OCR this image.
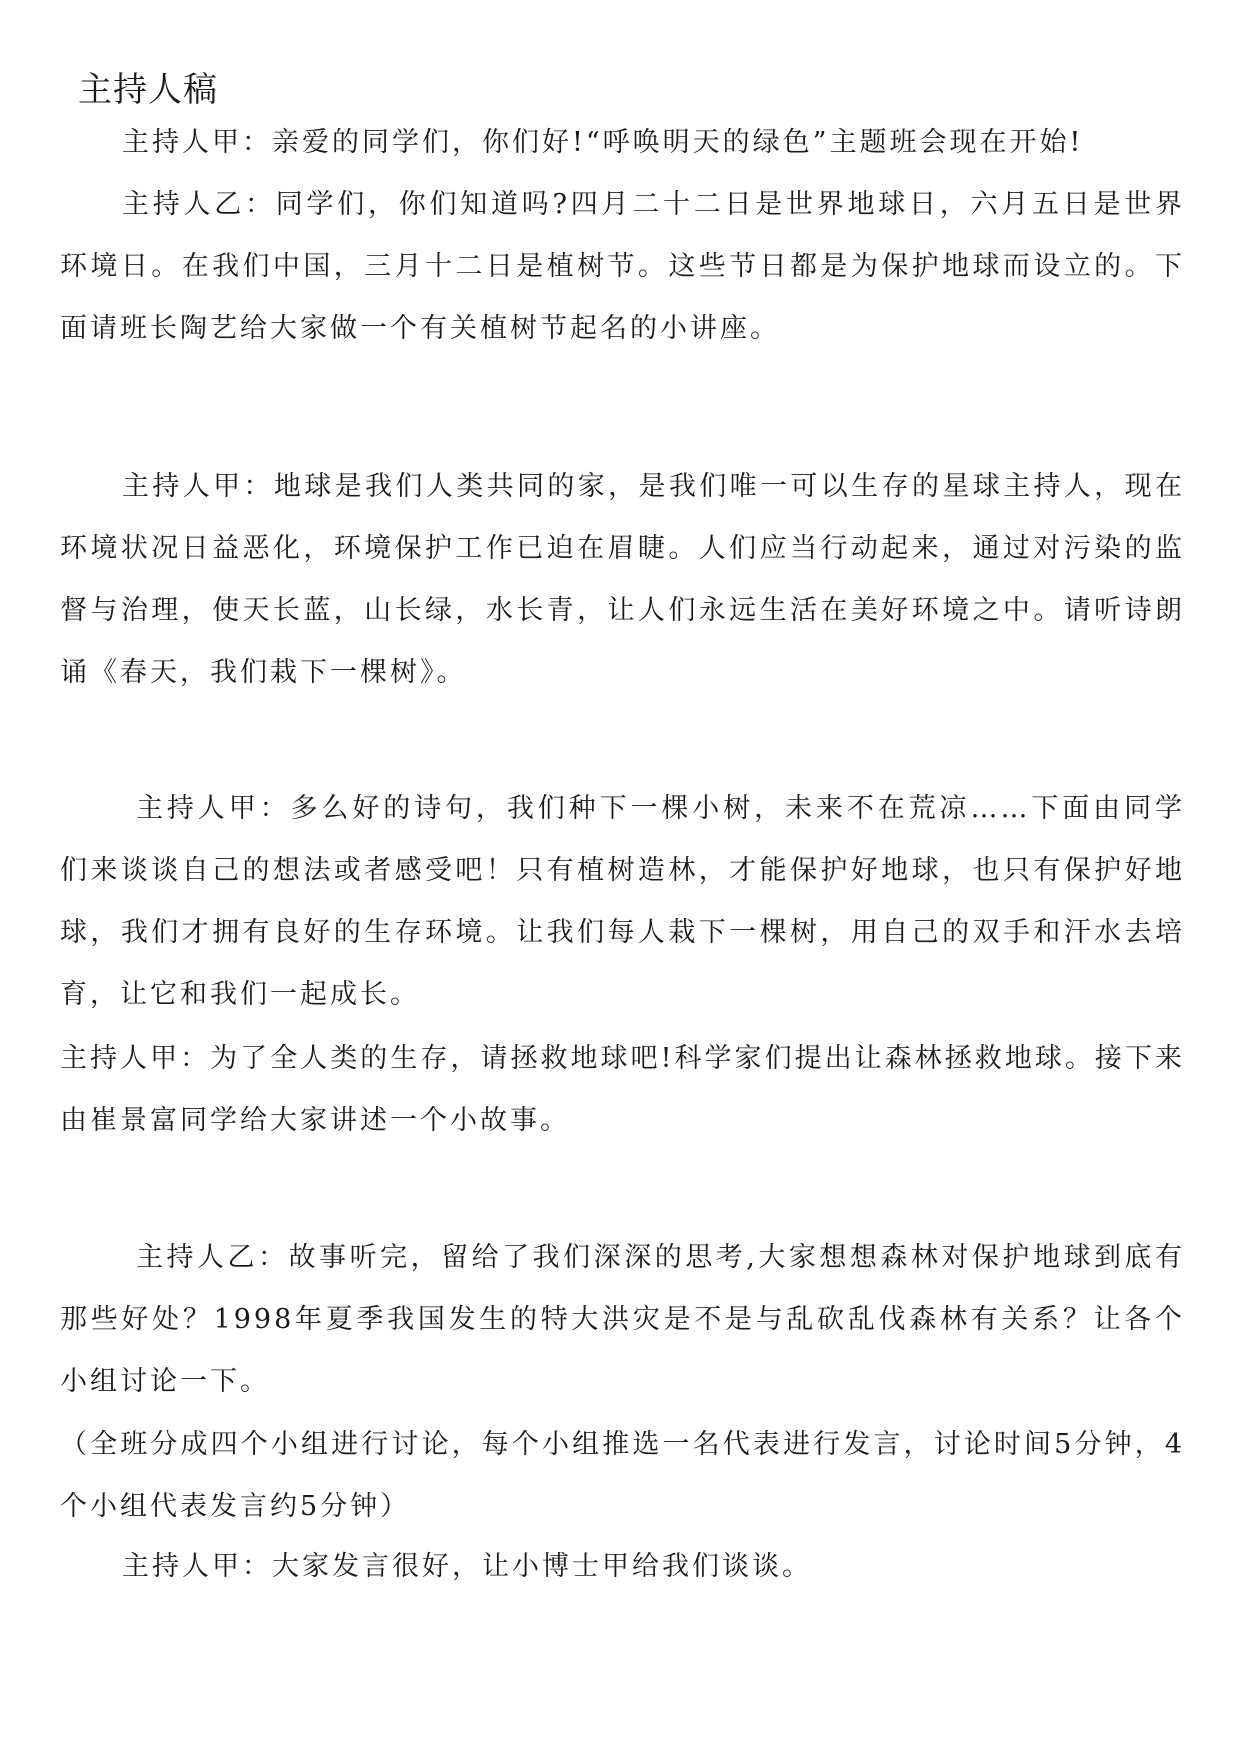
主持人稿

主持人甲：亲爱的同学们，你们好!“呼唤明天的绿色”主题班会现在开始!

主持人乙：同学们，你们知道吗?四月二十二日是世界地球日，六月五日是世界环境日。在我们中国，三月十二日是植树节。这些节日都是为保护地球而设立的。下面请班长陶艺给大家做一个有关植树节起名的小讲座。

主持人甲：地球是我们人类共同的家，是我们唯一可以生存的星球主持人，现在环境状况日益恶化，环境保护工作已迫在眉睫。人们应当行动起来，通过对污染的监督与治理，使天长蓝，山长绿，水长青，让人们永远生活在美好环境之中。请听诗朗诵《春天，我们栽下一棵树》。

主持人甲：多么好的诗句，我们种下一棵小树，未来不在荒凉……下面由同学们来谈谈自己的想法或者感受吧！只有植树造林，才能保护好地球，也只有保护好地球，我们才拥有良好的生存环境。让我们每人栽下一棵树，用自己的双手和汗水去培育，让它和我们一起成长。

主持人甲：为了全人类的生存，请拯救地球吧!科学家们提出让森林拯救地球。接下来由崔景富同学给大家讲述一个小故事。

主持人乙：故事听完，留给了我们深深的思考,大家想想森林对保护地球到底有那些好处？1998年夏季我国发生的特大洪灾是不是与乱砍乱伐森林有关系？让各个小组讨论一下。

（全班分成四个小组进行讨论，每个小组推选一名代表进行发言，讨论时间5分钟，4个小组代表发言约5分钟）

主持人甲：大家发言很好，让小博士甲给我们谈谈。
